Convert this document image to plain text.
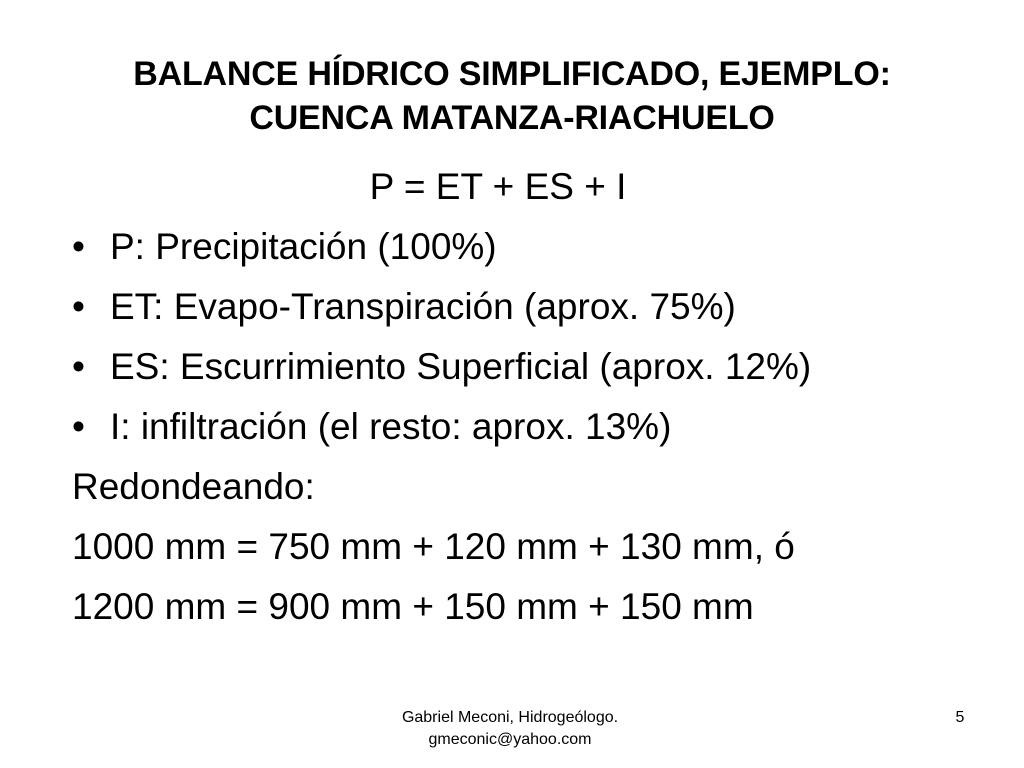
BALANCE HÍDRICO SIMPLIFICADO, EJEMPLO:
CUENCA MATANZA-RIACHUELO
P = ET + ES + I
• P: Precipitación (100%)
• ET: Evapo-Transpiración (aprox. 75%)
• ES: Escurrimiento Superficial (aprox. 12%)
• I: infiltración (el resto: aprox. 13%)
Redondeando:
1000 mm = 750 mm + 120 mm + 130 mm, ó
1200 mm = 900 mm + 150 mm + 150 mm
Gabriel Meconi, Hidrogeólogo.
gmeconic@yahoo.com
5
